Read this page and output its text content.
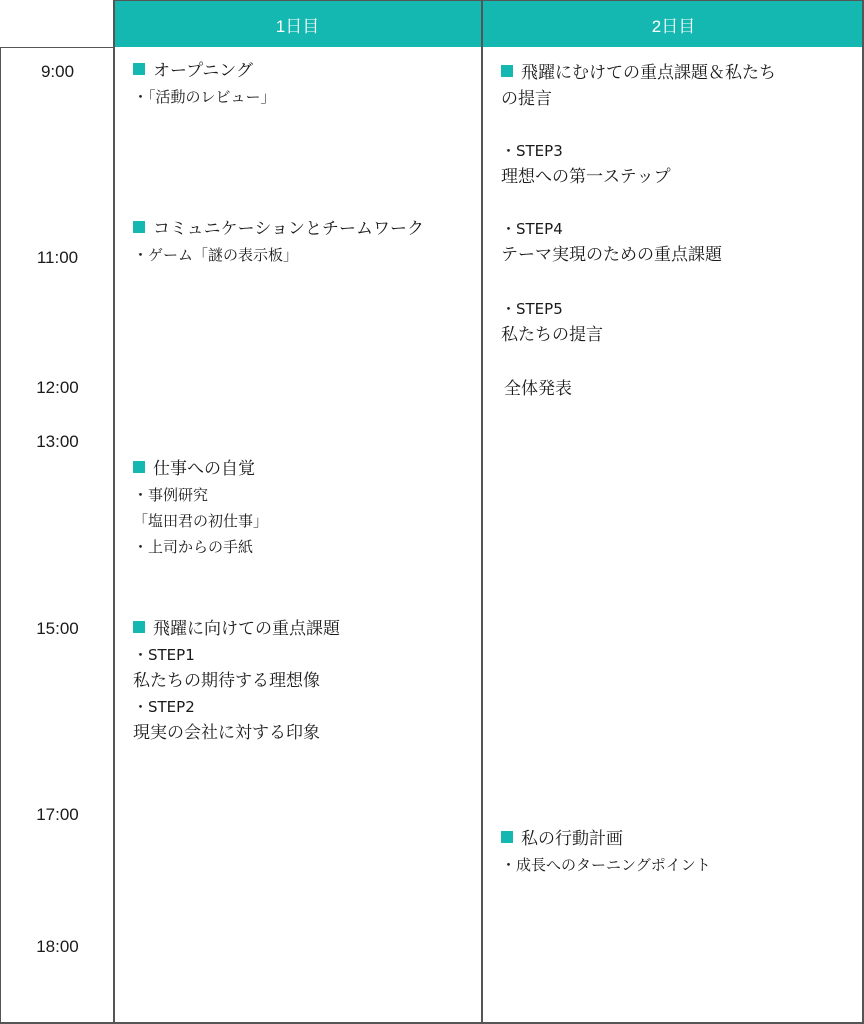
1日目	2日目
9:00
11:00
12:00
13:00
15:00
17:00
18:00
オープニング
・「活動のレビュー」
コミュニケーションとチームワーク
・ゲーム「謎の表示板」
仕事への自覚
・事例研究
「塩田君の初仕事」
・上司からの手紙
飛躍に向けての重点課題
・STEP1
私たちの期待する理想像
・STEP2
現実の会社に対する印象
飛躍にむけての重点課題＆私たち
の提言
・STEP3
理想への第一ステップ
・STEP4
テーマ実現のための重点課題
・STEP5
私たちの提言
全体発表
私の行動計画
・成長へのターニングポイント
